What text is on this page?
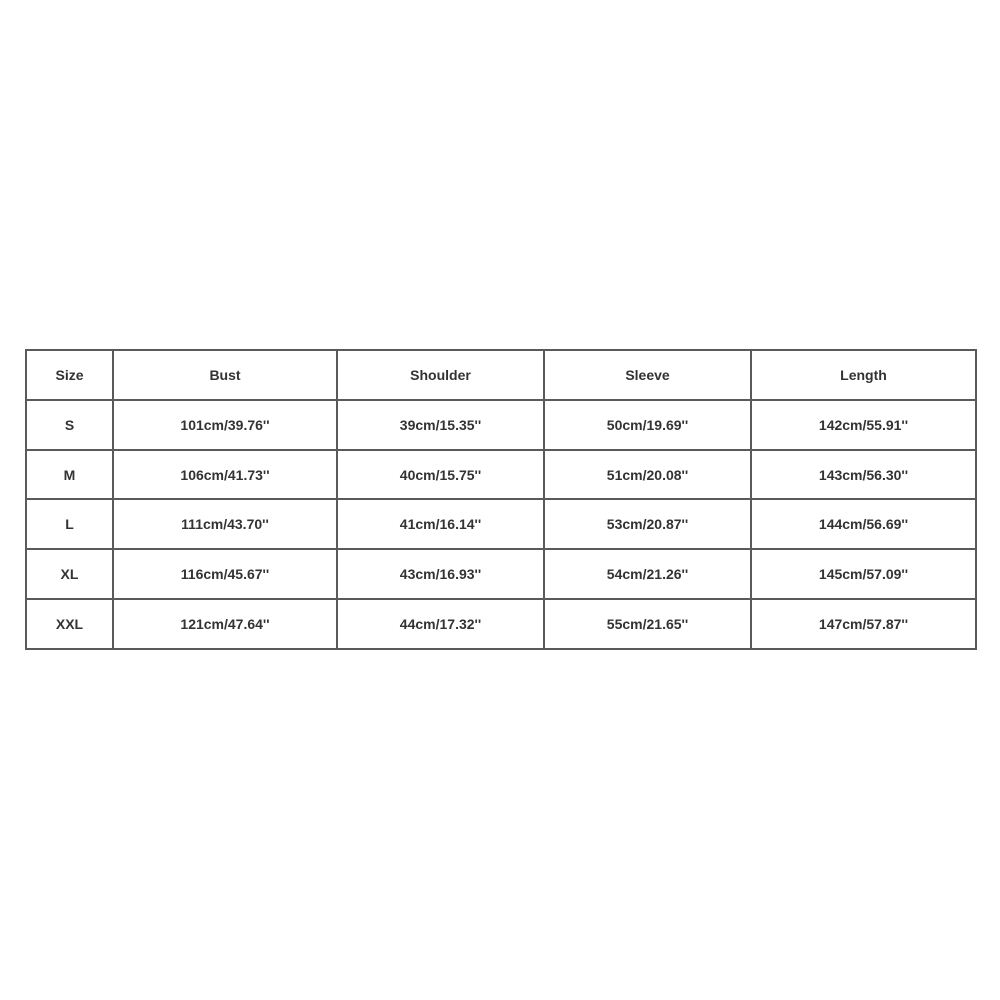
Size	Bust	Shoulder	Sleeve	Length
S	101cm/39.76''	39cm/15.35''	50cm/19.69''	142cm/55.91''
M	106cm/41.73''	40cm/15.75''	51cm/20.08''	143cm/56.30''
L	111cm/43.70''	41cm/16.14''	53cm/20.87''	144cm/56.69''
XL	116cm/45.67''	43cm/16.93''	54cm/21.26''	145cm/57.09''
XXL	121cm/47.64''	44cm/17.32''	55cm/21.65''	147cm/57.87''
